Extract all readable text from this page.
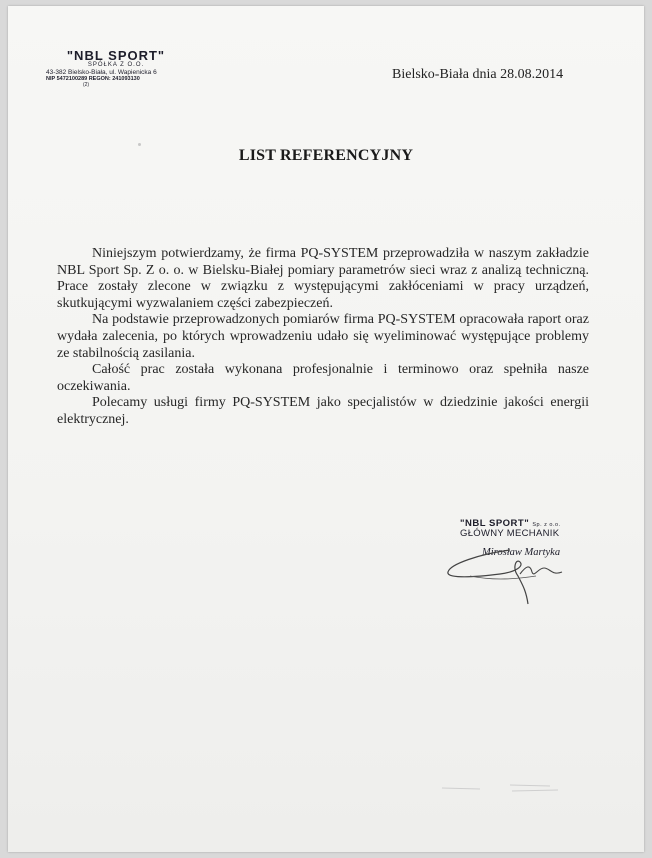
"NBL SPORT"
SPÓŁKA Z O.O.
43-382 Bielsko-Biała, ul. Wapienicka 6
NIP 5472100289 REGON: 241093130
(2)
Bielsko-Biała dnia 28.08.2014
LIST REFERENCYJNY

Niniejszym potwierdzamy, że firma PQ-SYSTEM przeprowadziła w naszym zakładzie NBL Sport Sp. Z o. o. w Bielsku-Białej pomiary parametrów sieci wraz z analizą techniczną. Prace zostały zlecone w związku z występującymi zakłóceniami w pracy urządzeń, skutkującymi wyzwalaniem części zabezpieczeń.

Na podstawie przeprowadzonych pomiarów firma PQ-SYSTEM opracowała raport oraz wydała zalecenia, po których wprowadzeniu udało się wyeliminować występujące problemy ze stabilnością zasilania.

Całość prac została wykonana profesjonalnie i terminowo oraz spełniła nasze oczekiwania.

Polecamy usługi firmy PQ-SYSTEM jako specjalistów w dziedzinie jakości energii elektrycznej.

"NBL SPORT" Sp. z o.o.
GŁÓWNY MECHANIK
Mirosław Martyka
